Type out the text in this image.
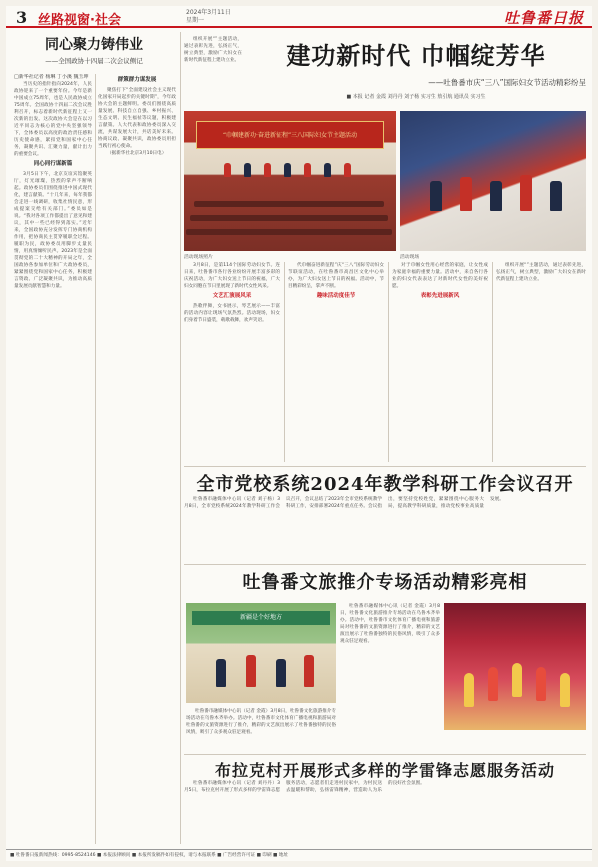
3 丝路视窗·社会
2024年3月11日
星期一	吐鲁番日报
同心聚力铸伟业
——全国政协十四届二次会议侧记
□新华社记者 杨琳 丁小溪 魏玉坤

当历史的指针指向2024年，人民政协迎来了一个重要年份。今年是新中国成立75周年，也是人民政协成立75周年。全国政协十四届二次会议胜利召开，标志着新时代新征程上又一次新的出发。这次政协大会是在以习近平同志为核心的党中央坚强领导下，全体委员以高度的政治责任感和历史使命感，紧扣党和国家中心任务，凝聚共识、汇聚力量，献计出力的重要会议。

同心同行谋新篇

3月5日下午，北京友谊宾馆聚英厅，灯光璀璨，热烈的掌声不断响起。政协委员们围绕推进中国式现代化，建言献策。“十几年来，每年我都会走进一线调研，收集社情民意，形成提案交给有关部门。”委员如是说。“我对各项工作都提出了意见和建议，其中一些已经得到落实。”近年来，全国政协充分发挥专门协商机构作用，把协商民主贯穿履职全过程。履职为民，政协委员用脚步丈量民情，用真情倾听民声。2023年是全面贯彻党的二十大精神的开局之年，全国政协各参加单位和广大政协委员，紧紧围绕党和国家中心任务，积极建言资政、广泛凝聚共识，为推动高质量发展贡献智慧和力量。

群策群力谋发展

聚焦打下“全面建设社会主义现代化国家开局起步的关键时期”，今年政协大会的主题鲜明。委员们围绕高质量发展、科技自立自强、乡村振兴、生态文明、民生福祉等议题，积极建言献策。人大代表和政协委员深入交流，共谋发展大计，共话美好未来。协商议政、凝聚共识，政协委员用担当践行初心使命。

（据新华社北京3月10日电）

建功新时代 巾帼绽芳华
——吐鲁番市庆“三八”国际妇女节活动精彩纷呈
■ 本报 记者 金霞 刘丹丹 刘子杨 实习生 敖引航 通讯员 实习生

组织开展“”主题活动，通过表彰先进，弘扬正气，树立典型，激励广大妇女在新时代新征程上建功立业。

“巾帼建新功·奋进新征程”三八国际妇女节主题活动
活动现场照片	活动现场

3月8日，是第114个国际劳动妇女节。连日来，吐鲁番市各行各业纷纷开展丰富多彩的庆祝活动，为广大妇女送上节日的祝福，广大妇女同胞在节日里展现了新时代女性风采。

文艺汇演展风采

热歌伴舞，女书展示，琴艺展示——丰富的活动内容让现场气氛热烈。活动现场，妇女们身着节日盛装，载歌载舞，欢声笑语。

代巾帼奋进新征程”庆“三八”国际劳动妇女节联谊活动，在吐鲁番市高昌区文化中心举办，为广大妇女送上节日的祝福。活动中，节目精彩纷呈，掌声不断。

趣味活动度佳节

对于巾帼女性用心经营的家庭，让女性成为家庭幸福的重要力量。活动中，来自各行各业的妇女代表表达了对新时代女性的美好祝愿。

表彰先进展新风

组织开展“”主题活动，通过表彰先进，弘扬正气，树立典型，激励广大妇女在新时代新征程上建功立业。

全市党校系统2024年教学科研工作会议召开

吐鲁番市融媒体中心讯（记者 刘子杨）3月8日，全市党校系统2024年教学科研工作会议召开，会议总结了2023年全市党校系统教学科研工作，安排部署2024年重点任务。会议指出，要坚持党校姓党，紧紧围绕中心服务大局，提高教学科研质量，推动党校事业高质量发展。

吐鲁番文旅推介专场活动精彩亮相
新疆是个好地方

吐鲁番市融媒体中心讯（记者 金霞）3月8日，吐鲁番文化旅游推介专场活动在乌鲁木齐举办。活动中，吐鲁番市文化体育广播电视和旅游局对吐鲁番的文旅资源进行了推介，精彩的文艺演出展示了吐鲁番独特的民俗风情，吸引了众多观众驻足观看。

吐鲁番市融媒体中心讯（记者 金霞）3月8日，吐鲁番文化旅游推介专场活动在乌鲁木齐举办。活动中，吐鲁番市文化体育广播电视和旅游局对吐鲁番的文旅资源进行了推介，精彩的文艺演出展示了吐鲁番独特的民俗风情，吸引了众多观众驻足观看。

布拉克村开展形式多样的学雷锋志愿服务活动

吐鲁番市融媒体中心讯（记者 刘丹丹）3月5日，布拉克村开展了形式多样的学雷锋志愿服务活动，志愿者们走进村民家中，为村民送去温暖和帮助，弘扬雷锋精神，营造助人为乐的良好社会氛围。

■ 吐鲁番日报新闻热线：0995-8524146 ■ 本报法律顾问 ■ 本报所发稿件如有侵权，请与本报联系 ■ 广告经营许可证 ■ 印刷 ■ 地址
